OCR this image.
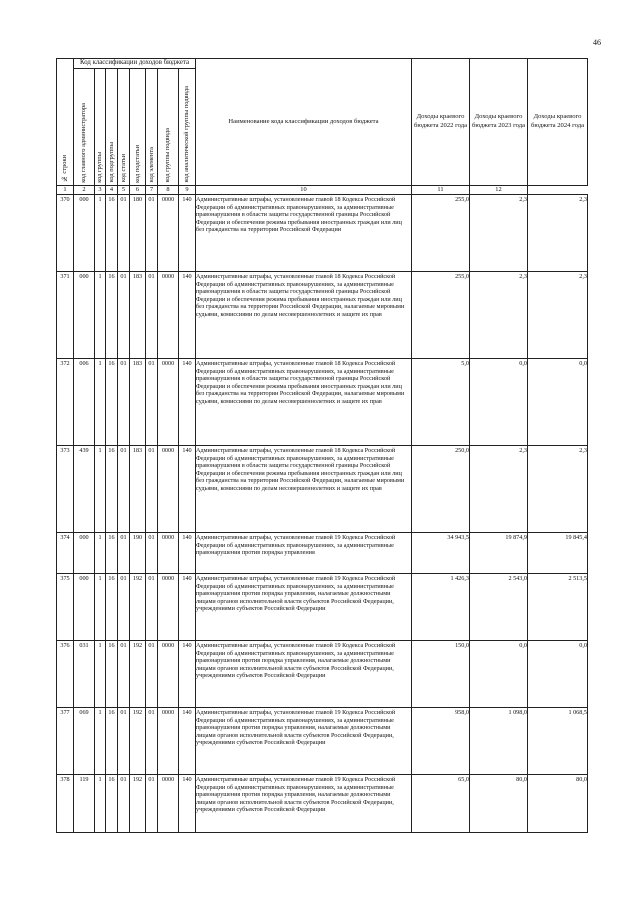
46
№ строки	Код классификации доходов бюджета								Наименование кода классификации доходов бюджета	Доходы краевого бюджета 2022 года	Доходы краевого бюджета 2023 года	Доходы краевого бюджета 2024 года
	код главного администратора	код группы	код подгруппы	код статьи	код подстатьи	код элемента	код группы подвида	код аналитической группы подвида				
1	2	3	4	5	6	7	8	9	10	11	12	
370	000	1	16	01	180	01	0000	140	Административные штрафы, установленные главой 18 Кодекса Российской Федерации об административных правонарушениях, за административные правонарушения в области защиты государственной границы Российской Федерации и обеспечения режима пребывания иностранных граждан или лиц без гражданства на территории Российской Федерации	255,0	2,3	2,3
371	000	1	16	01	183	01	0000	140	Административные штрафы, установленные главой 18 Кодекса Российской Федерации об административных правонарушениях, за административные правонарушения в области защиты государственной границы Российской Федерации и обеспечения режима пребывания иностранных граждан или лиц без гражданства на территории Российской Федерации, налагаемые мировыми судьями, комиссиями по делам несовершеннолетних и защите их прав	255,0	2,3	2,3
372	006	1	16	01	183	01	0000	140	Административные штрафы, установленные главой 18 Кодекса Российской Федерации об административных правонарушениях, за административные правонарушения в области защиты государственной границы Российской Федерации и обеспечения режима пребывания иностранных граждан или лиц без гражданства на территории Российской Федерации, налагаемые мировыми судьями, комиссиями по делам несовершеннолетних и защите их прав	5,0	0,0	0,0
373	439	1	16	01	183	01	0000	140	Административные штрафы, установленные главой 18 Кодекса Российской Федерации об административных правонарушениях, за административные правонарушения в области защиты государственной границы Российской Федерации и обеспечения режима пребывания иностранных граждан или лиц без гражданства на территории Российской Федерации, налагаемые мировыми судьями, комиссиями по делам несовершеннолетних и защите их прав	250,0	2,3	2,3
374	000	1	16	01	190	01	0000	140	Административные штрафы, установленные главой 19 Кодекса Российской Федерации об административных правонарушениях, за административные правонарушения против порядка управления	34 943,5	19 874,9	19 845,4
375	000	1	16	01	192	01	0000	140	Административные штрафы, установленные главой 19 Кодекса Российской Федерации об административных правонарушениях, за административные правонарушения против порядка управления, налагаемые должностными лицами органов исполнительной власти субъектов Российской Федерации, учреждениями субъектов Российской Федерации	1 426,3	2 543,0	2 513,5
376	031	1	16	01	192	01	0000	140	Административные штрафы, установленные главой 19 Кодекса Российской Федерации об административных правонарушениях, за административные правонарушения против порядка управления, налагаемые должностными лицами органов исполнительной власти субъектов Российской Федерации, учреждениями субъектов Российской Федерации	150,0	0,0	0,0
377	069	1	16	01	192	01	0000	140	Административные штрафы, установленные главой 19 Кодекса Российской Федерации об административных правонарушениях, за административные правонарушения против порядка управления, налагаемые должностными лицами органов исполнительной власти субъектов Российской Федерации, учреждениями субъектов Российской Федерации	958,0	1 098,0	1 068,5
378	119	1	16	01	192	01	0000	140	Административные штрафы, установленные главой 19 Кодекса Российской Федерации об административных правонарушениях, за административные правонарушения против порядка управления, налагаемые должностными лицами органов исполнительной власти субъектов Российской Федерации, учреждениями субъектов Российской Федерации	65,0	80,0	80,0
